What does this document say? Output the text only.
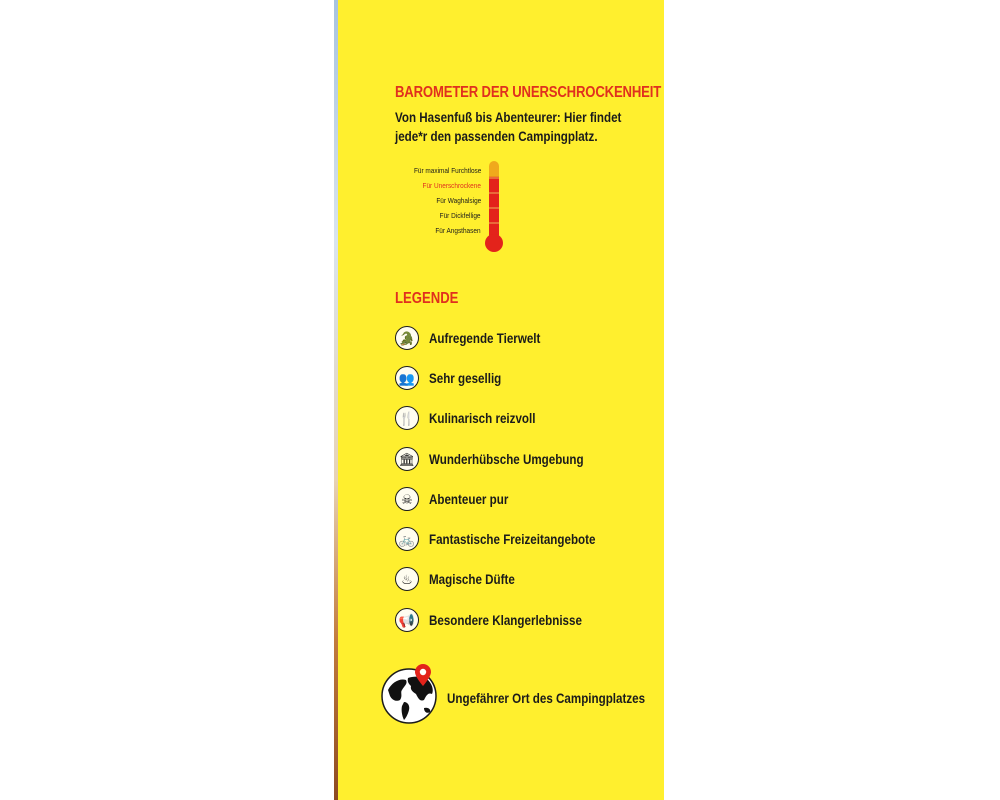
BAROMETER DER UNERSCHROCKENHEIT
Von Hasenfuß bis Abenteurer: Hier findet jede*r den passenden Campingplatz.
Für maximal Furchtlose
Für Unerschrockene
Für Waghalsige
Für Dickfellige
Für Angsthasen
LEGENDE
🐊 Aufregende Tierwelt
👥 Sehr gesellig
🍴 Kulinarisch reizvoll
🏛 Wunderhübsche Umgebung
☠	Abenteuer pur
🚲 Fantastische Freizeitangebote
♨	Magische Düfte
📢 Besondere Klangerlebnisse
Ungefährer Ort des Campingplatzes
